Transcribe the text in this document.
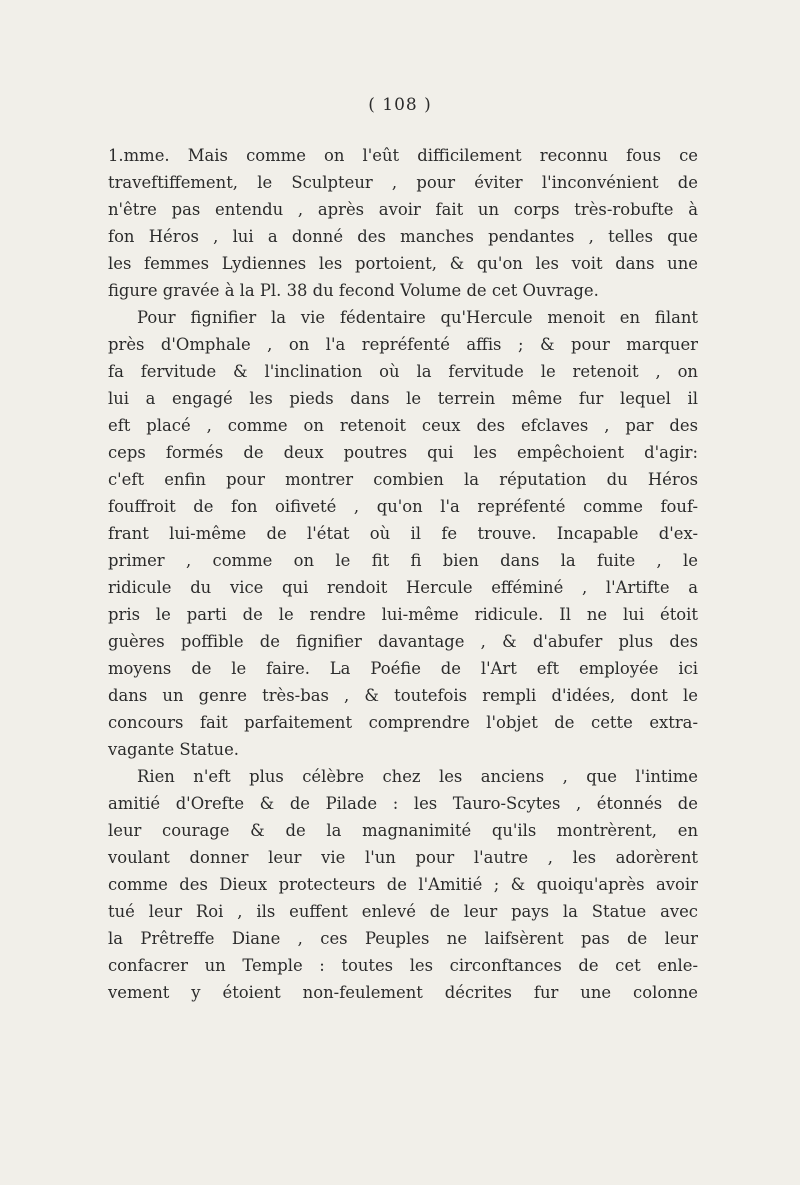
( 108 )
1.mme. Mais comme on l'eût difficilement reconnu fous ce
traveftiffement, le Sculpteur , pour éviter l'inconvénient de
n'être pas entendu , après avoir fait un corps très-robufte à
fon Héros , lui a donné des manches pendantes , telles que
les femmes Lydiennes les portoient, & qu'on les voit dans une
figure gravée à la Pl. 38 du fecond Volume de cet Ouvrage.
Pour fignifier la vie fédentaire qu'Hercule menoit en filant
près d'Omphale , on l'a repréfenté affis ; & pour marquer
fa fervitude & l'inclination où la fervitude le retenoit , on
lui a engagé les pieds dans le terrein même fur lequel il
eft placé , comme on retenoit ceux des efclaves , par des
ceps formés de deux poutres qui les empêchoient d'agir:
c'eft enfin pour montrer combien la réputation du Héros
fouffroit de fon oifiveté , qu'on l'a repréfenté comme fouf-
frant lui-même de l'état où il fe trouve. Incapable d'ex-
primer , comme on le fit fi bien dans la fuite , le
ridicule du vice qui rendoit Hercule efféminé , l'Artifte a
pris le parti de le rendre lui-même ridicule. Il ne lui étoit
guères poffible de fignifier davantage , & d'abufer plus des
moyens de le faire. La Poéfie de l'Art eft employée ici
dans un genre très-bas , & toutefois rempli d'idées, dont le
concours fait parfaitement comprendre l'objet de cette extra-
vagante Statue.
Rien n'eft plus célèbre chez les anciens , que l'intime
amitié d'Orefte & de Pilade : les Tauro-Scytes , étonnés de
leur courage & de la magnanimité qu'ils montrèrent, en
voulant donner leur vie l'un pour l'autre , les adorèrent
comme des Dieux protecteurs de l'Amitié ; & quoiqu'après avoir
tué leur Roi , ils euffent enlevé de leur pays la Statue avec
la Prêtreffe Diane , ces Peuples ne laifsèrent pas de leur
confacrer un Temple : toutes les circonftances de cet enle-
vement y étoient non-feulement décrites fur une colonne
